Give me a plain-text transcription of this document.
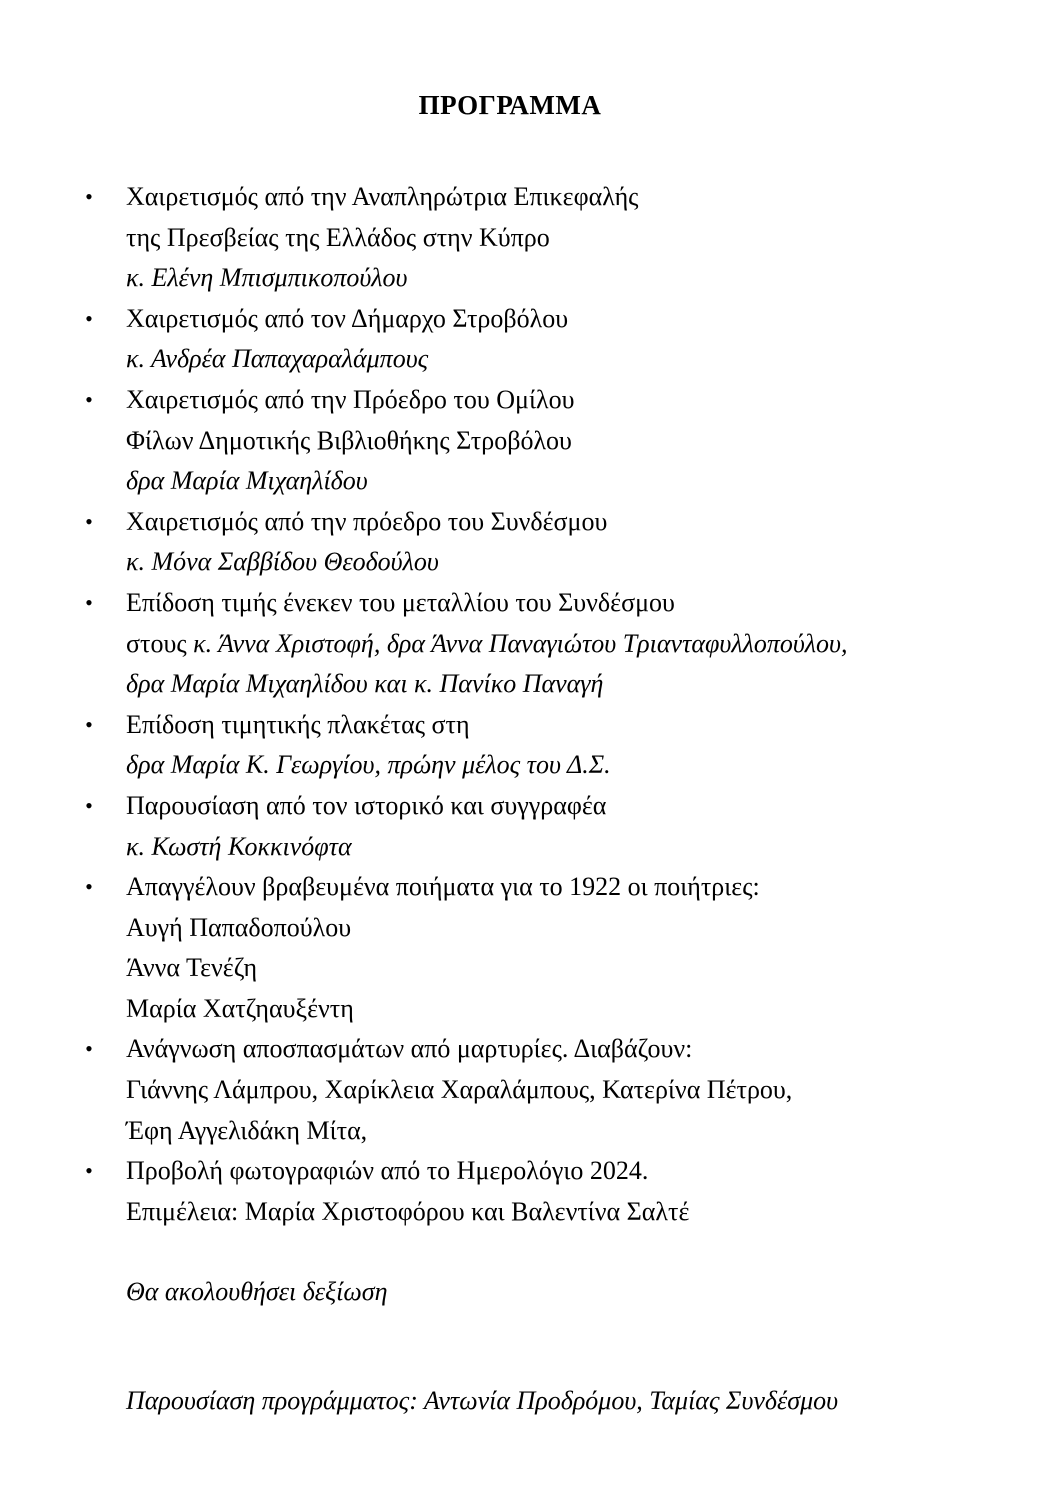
ΠΡΟΓΡΑΜΜΑ
• Χαιρετισμός από την Αναπληρώτρια Επικεφαλής
της Πρεσβείας της Ελλάδος στην Κύπρο
κ. Ελένη Μπισμπικοπούλου
• Χαιρετισμός από τον Δήμαρχο Στροβόλου
κ. Ανδρέα Παπαχαραλάμπους
• Χαιρετισμός από την Πρόεδρο του Ομίλου
Φίλων Δημοτικής Βιβλιοθήκης Στροβόλου
δρα Μαρία Μιχαηλίδου
• Χαιρετισμός από την πρόεδρο του Συνδέσμου
κ. Μόνα Σαββίδου Θεοδούλου
• Επίδοση τιμής ένεκεν του μεταλλίου του Συνδέσμου
στους κ. Άννα Χριστοφή, δρα Άννα Παναγιώτου Τριανταφυλλοπούλου,
δρα Μαρία Μιχαηλίδου και κ. Πανίκο Παναγή
• Επίδοση τιμητικής πλακέτας στη
δρα Μαρία Κ. Γεωργίου, πρώην μέλος του Δ.Σ.
• Παρουσίαση από τον ιστορικό και συγγραφέα
κ. Κωστή Κοκκινόφτα
• Απαγγέλουν βραβευμένα ποιήματα για το 1922 οι ποιήτριες:
Αυγή Παπαδοπούλου
Άννα Τενέζη
Μαρία Χατζηαυξέντη
• Ανάγνωση αποσπασμάτων από μαρτυρίες. Διαβάζουν:
Γιάννης Λάμπρου, Χαρίκλεια Χαραλάμπους, Κατερίνα Πέτρου,
Έφη Αγγελιδάκη Μίτα,
• Προβολή φωτογραφιών από το Ημερολόγιο 2024.
Επιμέλεια: Μαρία Χριστοφόρου και Βαλεντίνα Σαλτέ

Θα ακολουθήσει δεξίωση

Παρουσίαση προγράμματος: Αντωνία Προδρόμου, Ταμίας Συνδέσμου
